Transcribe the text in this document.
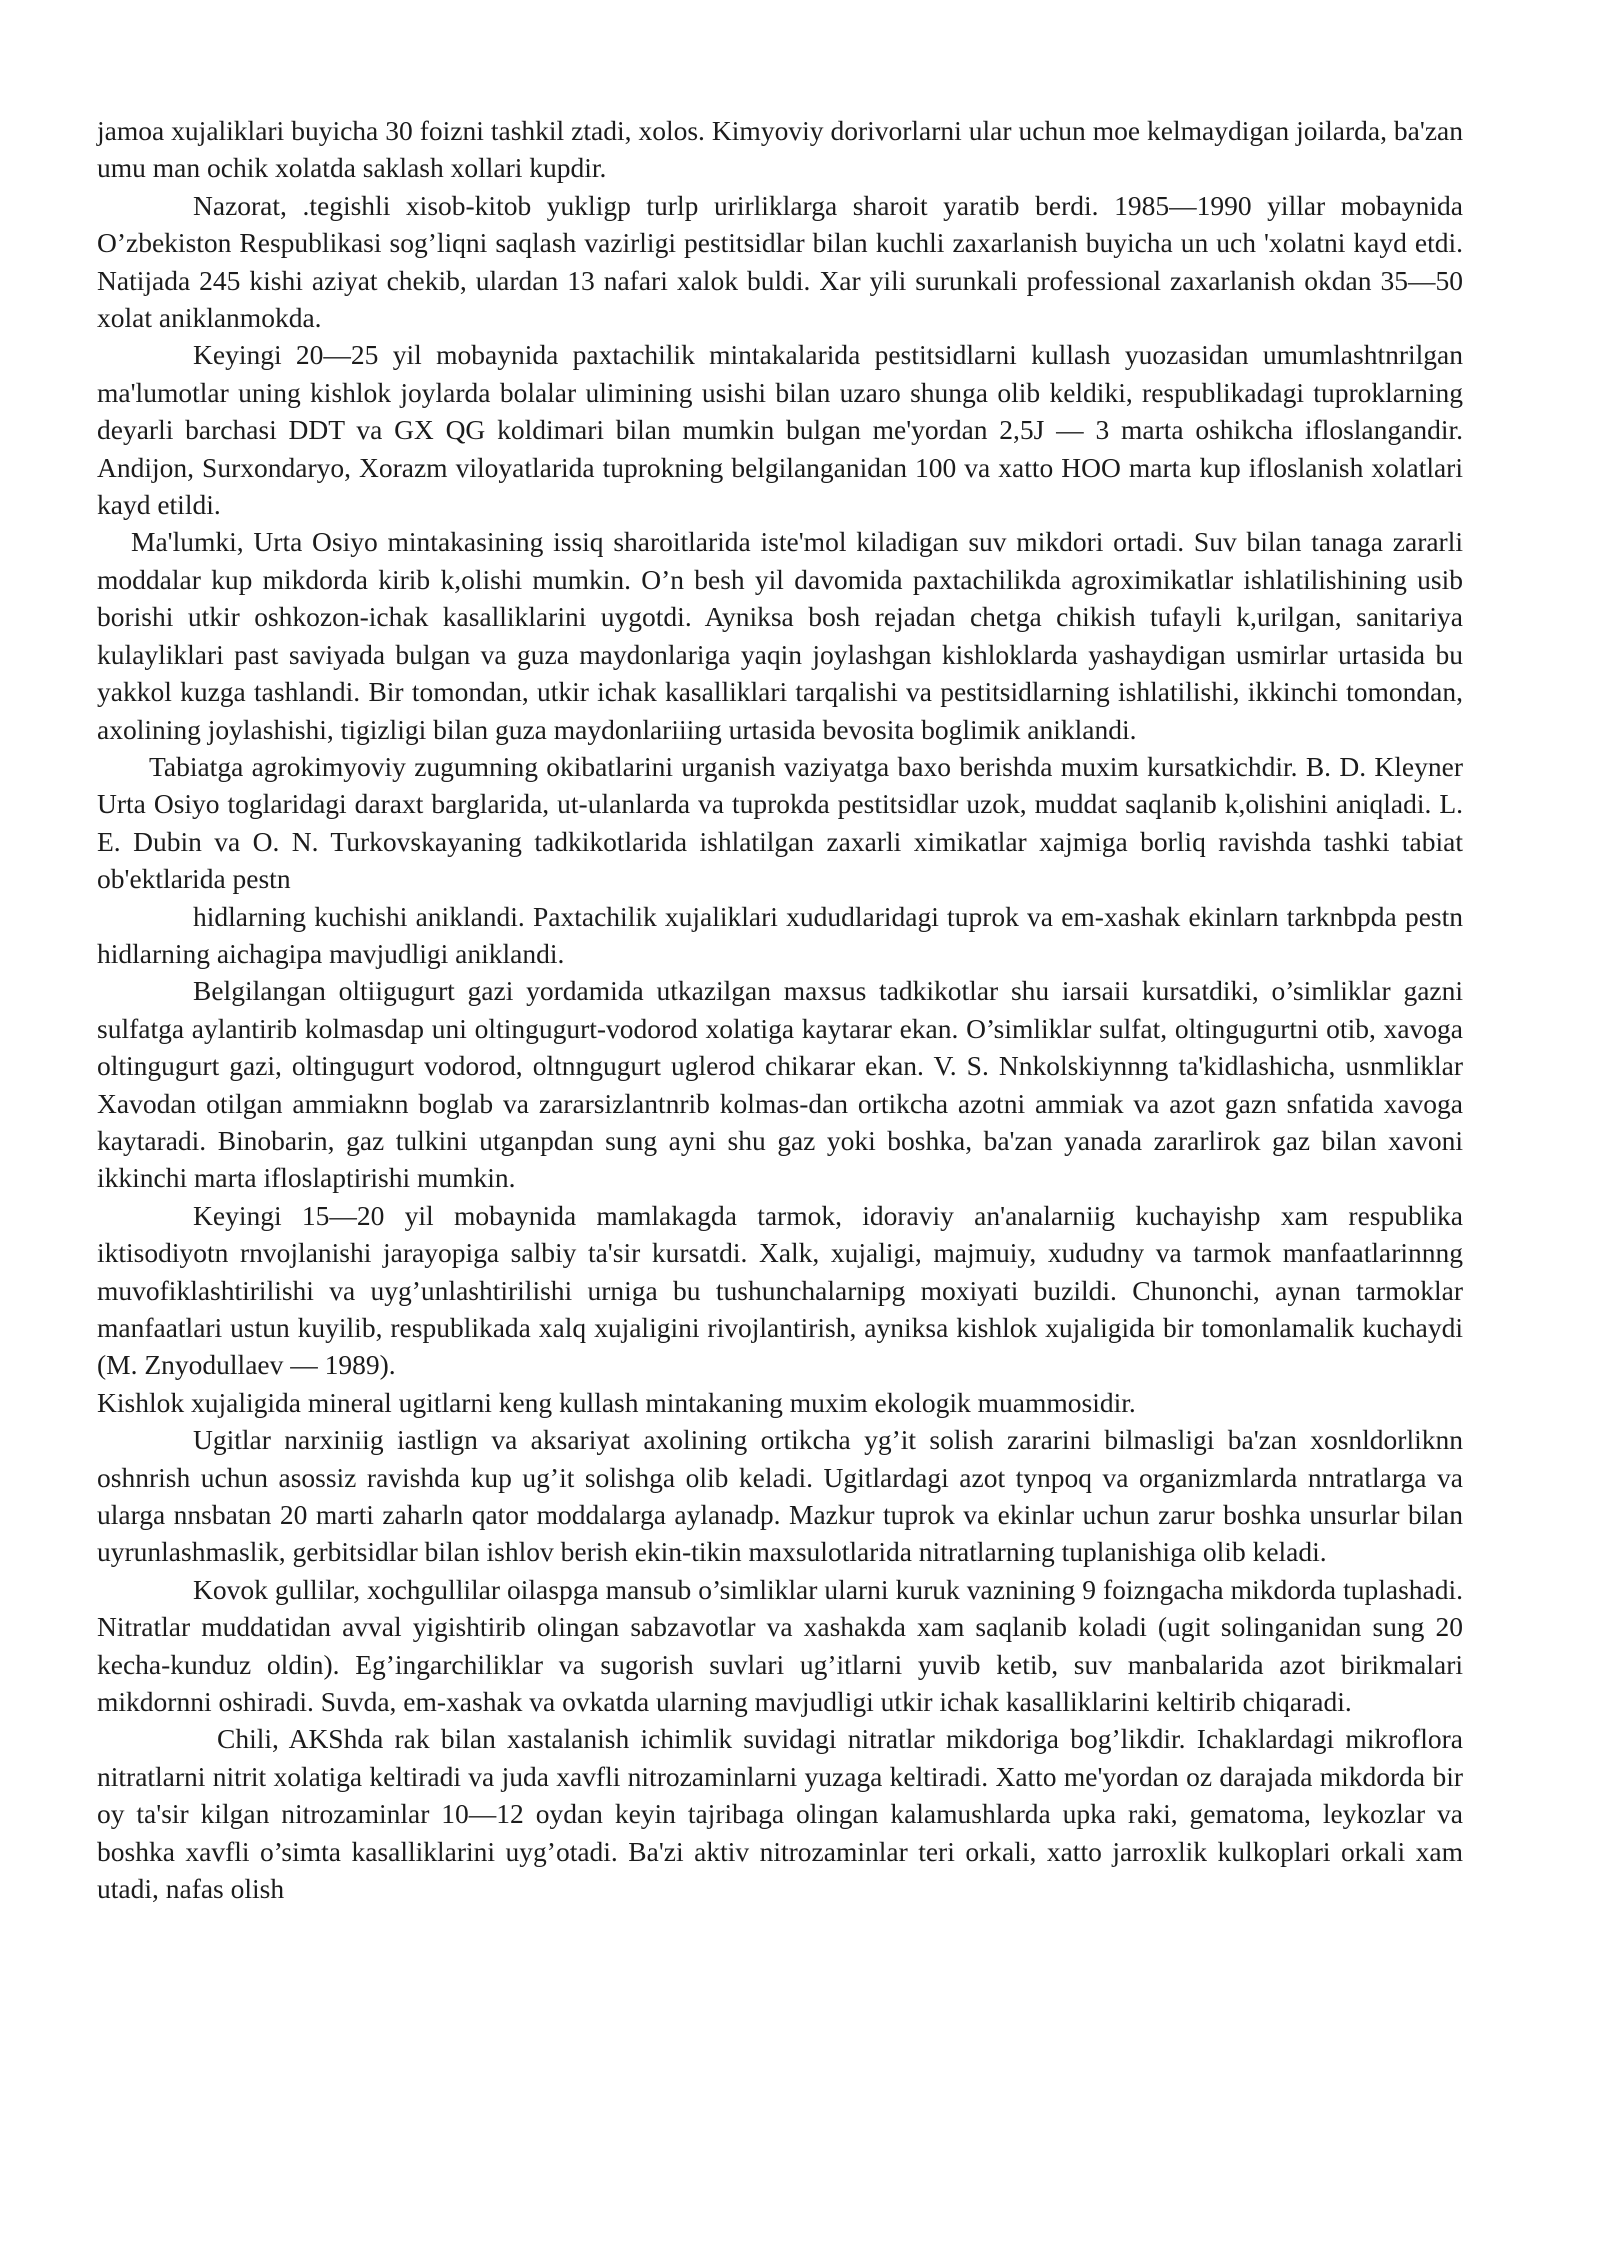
jamoa xujaliklari buyicha 30 foizni tashkil ztadi, xolos. Kimyoviy dorivorlarni ular uchun moe kelmaydigan joilarda, ba'zan umu man ochik xolatda saklash xollari kupdir.

Nazorat, .tegishli xisob-kitob yukligp turlp urirliklarga sharoit yaratib berdi. 1985—1990 yillar mobaynida O’zbekiston Respublikasi sog’liqni saqlash vazirligi pestitsidlar bilan kuchli zaxarlanish buyicha un uch 'xolatni kayd etdi. Natijada 245 kishi aziyat chekib, ulardan 13 nafari xalok buldi. Xar yili surunkali professional zaxarlanish okdan 35—50 xolat aniklanmokda.

Keyingi 20—25 yil mobaynida paxtachilik mintakalarida pestitsidlarni kullash yuozasidan umumlashtnrilgan ma'lumotlar uning kishlok joylarda bolalar ulimining usishi bilan uzaro shunga olib keldiki, respublikadagi tuproklarning deyarli barchasi DDT va GX QG koldimari bilan mumkin bulgan me'yordan 2,5J — 3 marta oshikcha ifloslangandir. Andijon, Surxondaryo, Xorazm viloyatlarida tuprokning belgilanganidan 100 va xatto HOO marta kup ifloslanish xolatlari kayd etildi.

Ma'lumki, Urta Osiyo mintakasining issiq sharoitlarida iste'mol kiladigan suv mikdori ortadi. Suv bilan tanaga zararli moddalar kup mikdorda kirib k,olishi mumkin. O’n besh yil davomida paxtachilikda agroximikatlar ishlatilishining usib borishi utkir oshkozon-ichak kasalliklarini uygotdi. Ayniksa bosh rejadan chetga chikish tufayli k,urilgan, sanitariya kulayliklari past saviyada bulgan va guza maydonlariga yaqin joylashgan kishloklarda yashaydigan usmirlar urtasida bu yakkol kuzga tashlandi. Bir tomondan, utkir ichak kasalliklari tarqalishi va pestitsidlarning ishlatilishi, ikkinchi tomondan, axolining joylashishi, tigizligi bilan guza maydonlariiing urtasida bevosita boglimik aniklandi.

Tabiatga agrokimyoviy zugumning okibatlarini urganish vaziyatga baxo berishda muxim kursatkichdir. B. D. Kleyner Urta Osiyo toglaridagi daraxt barglarida, ut-ulanlarda va tuprokda pestitsidlar uzok, muddat saqlanib k,olishini aniqladi. L. E. Dubin va O. N. Turkovskayaning tadkikotlarida ishlatilgan zaxarli ximikatlar xajmiga borliq ravishda tashki tabiat ob'ektlarida pestn

hidlarning kuchishi aniklandi. Paxtachilik xujaliklari xududlaridagi tuprok va em-xashak ekinlarn tarknbpda pestn hidlarning aichagipa mavjudligi aniklandi.

Belgilangan oltiigugurt gazi yordamida utkazilgan maxsus tadkikotlar shu iarsaii kursatdiki, o’simliklar gazni sulfatga aylantirib kolmasdap uni oltingugurt-vodorod xolatiga kaytarar ekan. O’simliklar sulfat, oltingugurtni otib, xavoga oltingugurt gazi, oltingugurt vodorod, oltnngugurt uglerod chikarar ekan. V. S. Nnkolskiynnng ta'kidlashicha, usnmliklar Xavodan otilgan ammiaknn boglab va zararsizlantnrib kolmas-dan ortikcha azotni ammiak va azot gazn snfatida xavoga kaytaradi. Binobarin, gaz tulkini utganpdan sung ayni shu gaz yoki boshka, ba'zan yanada zararlirok gaz bilan xavoni ikkinchi marta ifloslaptirishi mumkin.

Keyingi 15—20 yil mobaynida mamlakagda tarmok, idoraviy an'analarniig kuchayishp xam respublika iktisodiyotn rnvojlanishi jarayopiga salbiy ta'sir kursatdi. Xalk, xujaligi, majmuiy, xududny va tarmok manfaatlarinnng muvofiklashtirilishi va uyg’unlashtirilishi urniga bu tushunchalarnipg moxiyati buzildi. Chunonchi, aynan tarmoklar manfaatlari ustun kuyilib, respublikada xalq xujaligini rivojlantirish, ayniksa kishlok xujaligida bir tomonlamalik kuchaydi (M. Znyodullaev — 1989).

Kishlok xujaligida mineral ugitlarni keng kullash mintakaning muxim ekologik muammosidir.

Ugitlar narxiniig iastlign va aksariyat axolining ortikcha yg’it solish zararini bilmasligi ba'zan xosnldorliknn oshnrish uchun asossiz ravishda kup ug’it solishga olib keladi. Ugitlardagi azot tynpoq va organizmlarda nntratlarga va ularga nnsbatan 20 marti zaharln qator moddalarga aylanadp. Mazkur tuprok va ekinlar uchun zarur boshka unsurlar bilan uyrunlashmaslik, gerbitsidlar bilan ishlov berish ekin-tikin maxsulotlarida nitratlarning tuplanishiga olib keladi.

Kovok gullilar, xochgullilar oilaspga mansub o’simliklar ularni kuruk vaznining 9 foizngacha mikdorda tuplashadi. Nitratlar muddatidan avval yigishtirib olingan sabzavotlar va xashakda xam saqlanib koladi (ugit solinganidan sung 20 kecha-kunduz oldin). Eg’ingarchiliklar va sugorish suvlari ug’itlarni yuvib ketib, suv manbalarida azot birikmalari mikdornni oshiradi. Suvda, em-xashak va ovkatda ularning mavjudligi utkir ichak kasalliklarini keltirib chiqaradi.

Chili, AKShda rak bilan xastalanish ichimlik suvidagi nitratlar mikdoriga bog’likdir. Ichaklardagi mikroflora nitratlarni nitrit xolatiga keltiradi va juda xavfli nitrozaminlarni yuzaga keltiradi. Xatto me'yordan oz darajada mikdorda bir oy ta'sir kilgan nitrozaminlar 10—12 oydan keyin tajribaga olingan kalamushlarda upka raki, gematoma, leykozlar va boshka xavfli o’simta kasalliklarini uyg’otadi. Ba'zi aktiv nitrozaminlar teri orkali, xatto jarroxlik kulkoplari orkali xam utadi, nafas olish
